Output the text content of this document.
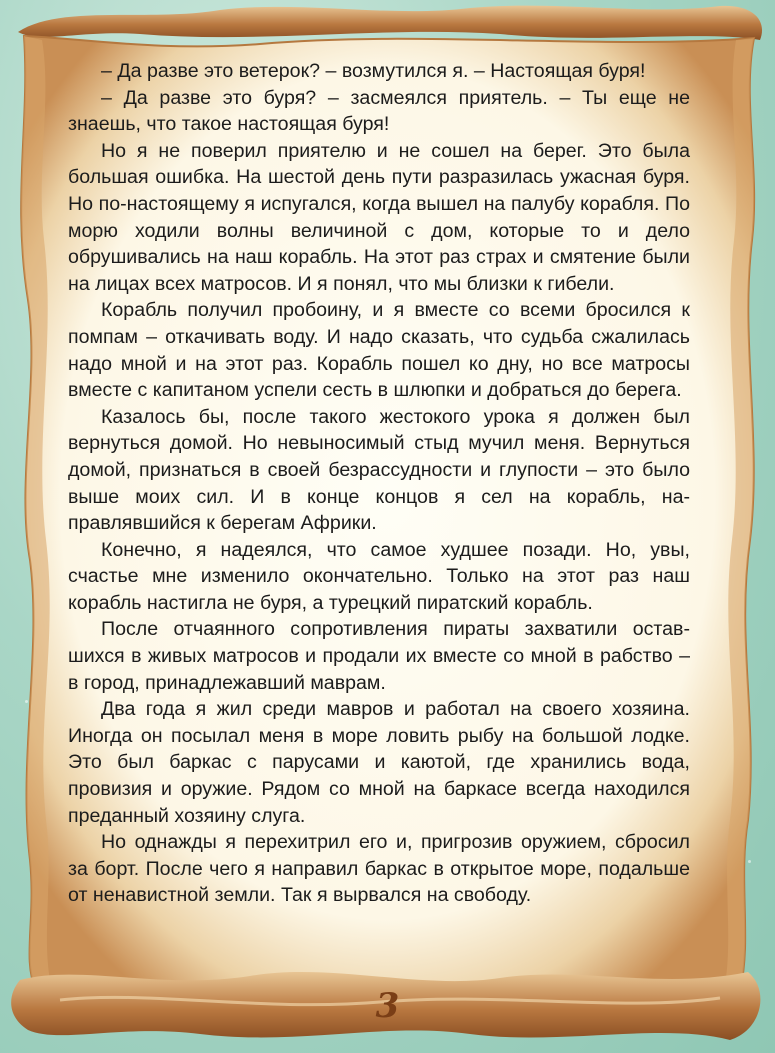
– Да разве это ветерок? – возмутился я. – Настоящая буря!

– Да разве это буря? – засмеялся приятель. – Ты еще не знаешь, что такое настоящая буря!

Но я не поверил приятелю и не сошел на берег. Это была большая ошибка. На шестой день пути разразилась ужасная буря. Но по-настоящему я испугался, когда вышел на палубу корабля. По морю ходили волны величиной с дом, которые то и дело обрушивались на наш корабль. На этот раз страх и смятение были на лицах всех матросов. И я понял, что мы близки к гибели.

Корабль получил пробоину, и я вместе со всеми бросился к помпам – откачивать воду. И надо сказать, что судьба сжалилась надо мной и на этот раз. Корабль пошел ко дну, но все матросы вместе с капитаном успели сесть в шлюпки и добраться до берега.

Казалось бы, после такого жестокого урока я должен был вернуться домой. Но невыносимый стыд мучил меня. Вернуться домой, признаться в своей безрассудности и глупости – это было выше моих сил. И в конце концов я сел на корабль, направлявшийся к берегам Африки.

Конечно, я надеялся, что самое худшее позади. Но, увы, счастье мне изменило окончательно. Только на этот раз наш корабль настигла не буря, а турецкий пиратский корабль.

После отчаянного сопротивления пираты захватили оставшихся в живых матросов и продали их вместе со мной в рабство – в город, принадлежавший маврам.

Два года я жил среди мавров и работал на своего хозяина. Иногда он посылал меня в море ловить рыбу на большой лодке. Это был баркас с парусами и каютой, где хранились вода, провизия и оружие. Рядом со мной на баркасе всегда находился преданный хозяину слуга.

Но однажды я перехитрил его и, пригрозив оружием, сбросил за борт. После чего я направил баркас в открытое море, подальше от ненавистной земли. Так я вырвался на свободу.

3
